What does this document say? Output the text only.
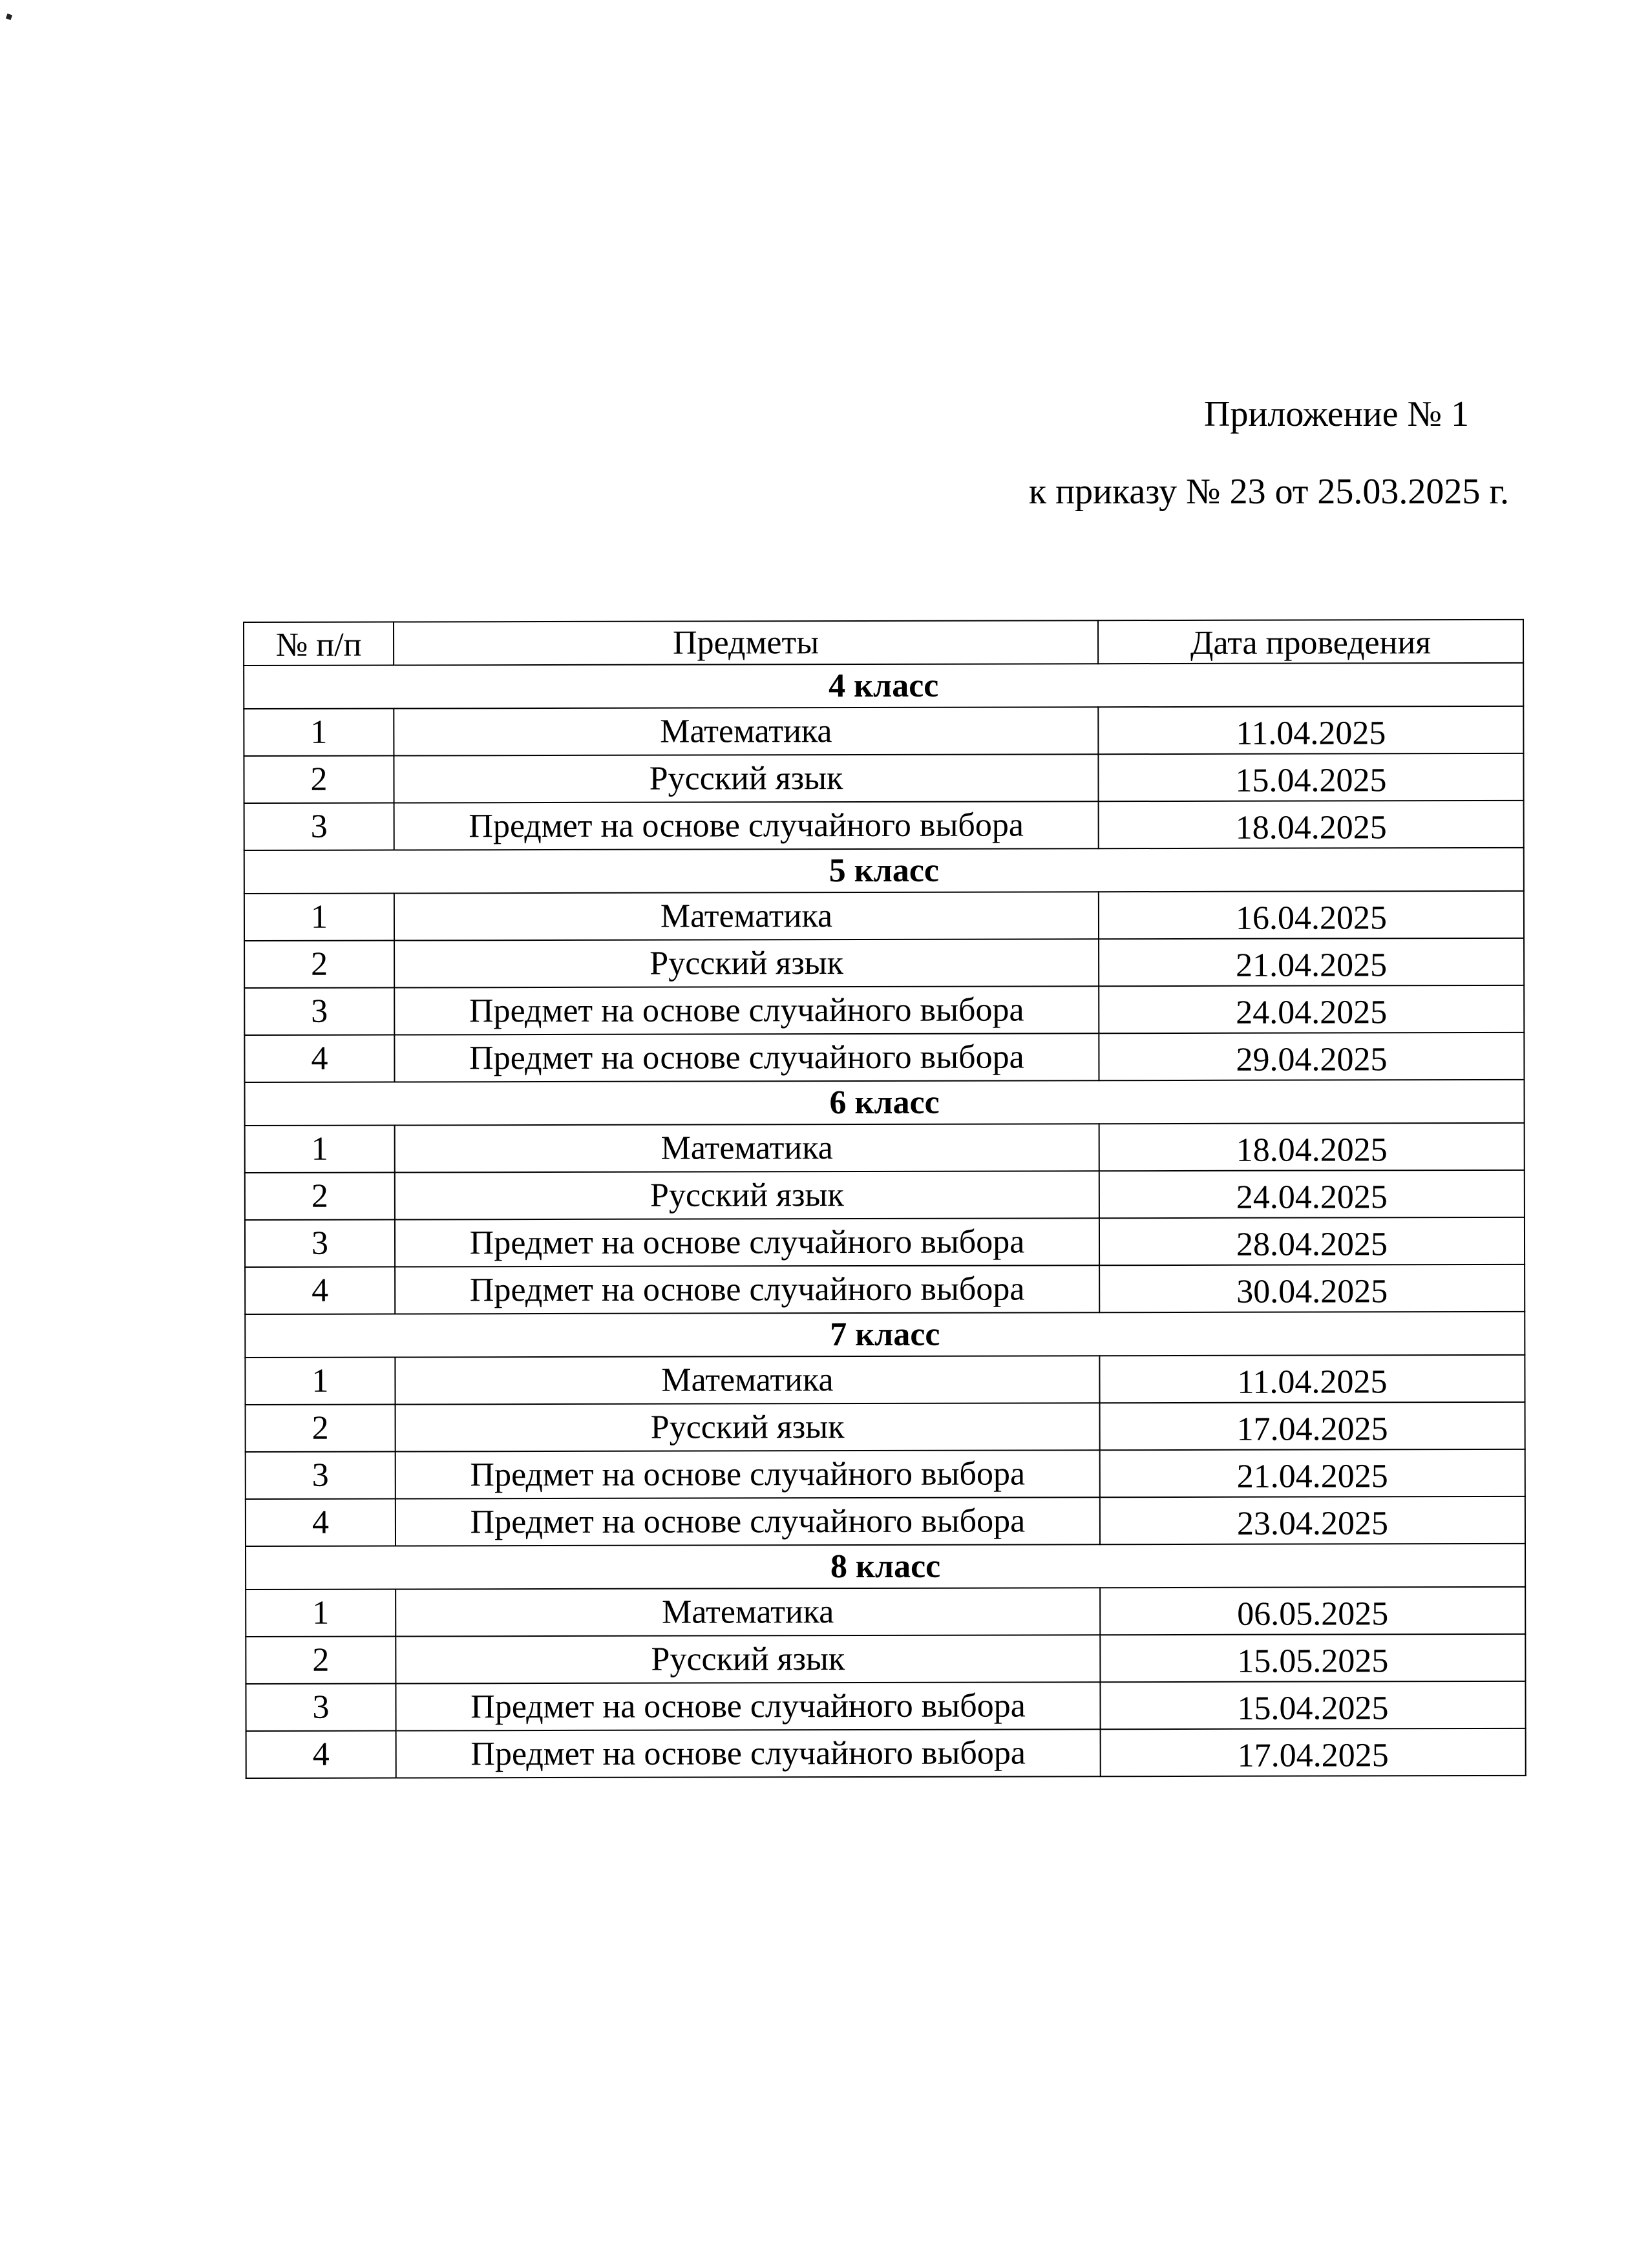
Приложение № 1
к приказу № 23 от 25.03.2025 г.
№ п/п	Предметы	Дата проведения
4 класс		
1	Математика	11.04.2025
2	Русский язык	15.04.2025
3	Предмет на основе случайного выбора	18.04.2025
5 класс		
1	Математика	16.04.2025
2	Русский язык	21.04.2025
3	Предмет на основе случайного выбора	24.04.2025
4	Предмет на основе случайного выбора	29.04.2025
6 класс		
1	Математика	18.04.2025
2	Русский язык	24.04.2025
3	Предмет на основе случайного выбора	28.04.2025
4	Предмет на основе случайного выбора	30.04.2025
7 класс		
1	Математика	11.04.2025
2	Русский язык	17.04.2025
3	Предмет на основе случайного выбора	21.04.2025
4	Предмет на основе случайного выбора	23.04.2025
8 класс		
1	Математика	06.05.2025
2	Русский язык	15.05.2025
3	Предмет на основе случайного выбора	15.04.2025
4	Предмет на основе случайного выбора	17.04.2025
